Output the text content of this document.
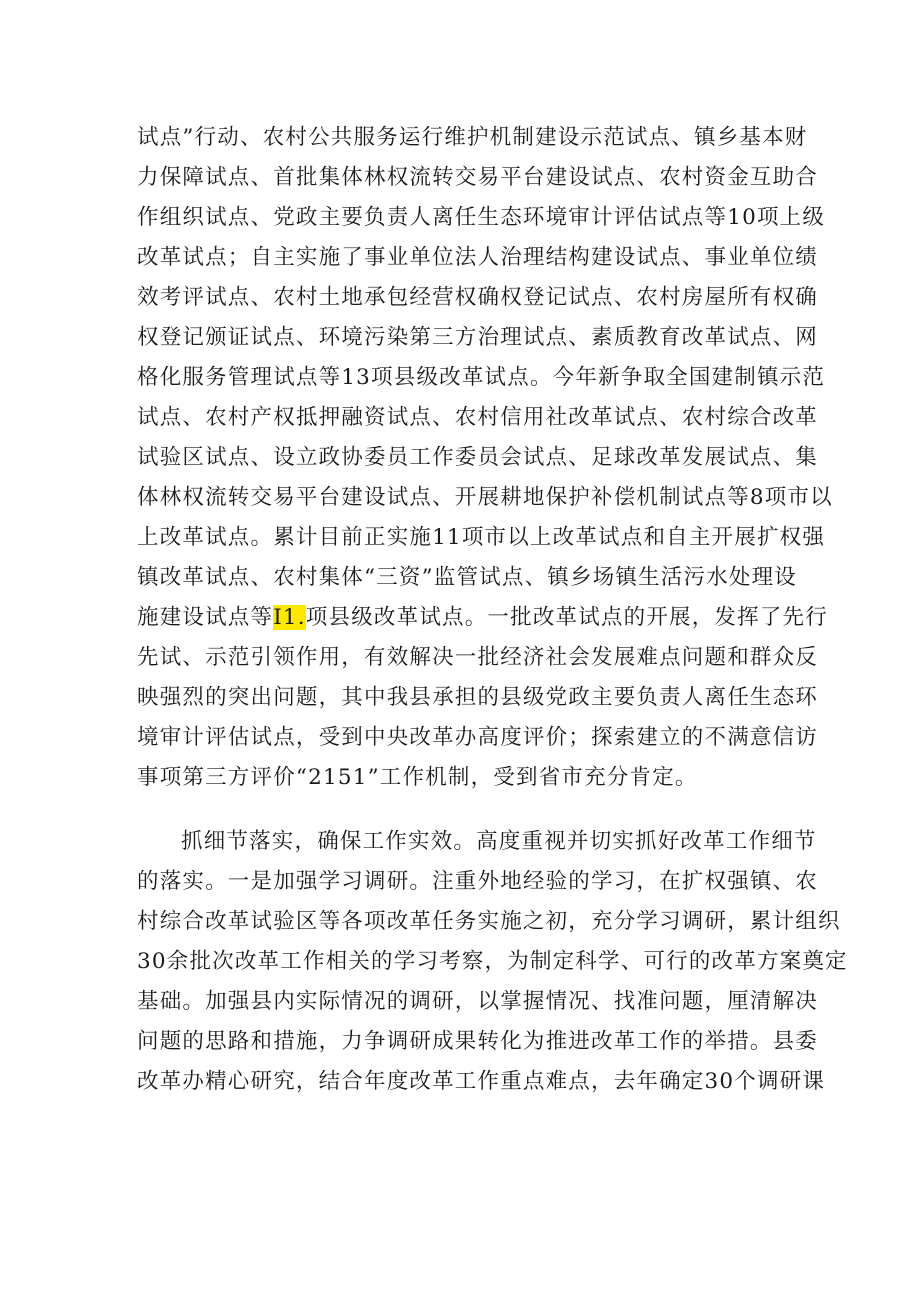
试点”行动、农村公共服务运行维护机制建设示范试点、镇乡基本财
力保障试点、首批集体林权流转交易平台建设试点、农村资金互助合
作组织试点、党政主要负责人离任生态环境审计评估试点等10项上级
改革试点；自主实施了事业单位法人治理结构建设试点、事业单位绩
效考评试点、农村土地承包经营权确权登记试点、农村房屋所有权确
权登记颁证试点、环境污染第三方治理试点、素质教育改革试点、网
格化服务管理试点等13项县级改革试点。今年新争取全国建制镇示范
试点、农村产权抵押融资试点、农村信用社改革试点、农村综合改革
试验区试点、设立政协委员工作委员会试点、足球改革发展试点、集
体林权流转交易平台建设试点、开展耕地保护补偿机制试点等8项市以
上改革试点。累计目前正实施11项市以上改革试点和自主开展扩权强
镇改革试点、农村集体“三资”监管试点、镇乡场镇生活污水处理设
施建设试点等I1.项县级改革试点。一批改革试点的开展，发挥了先行
先试、示范引领作用，有效解决一批经济社会发展难点问题和群众反
映强烈的突出问题，其中我县承担的县级党政主要负责人离任生态环
境审计评估试点，受到中央改革办高度评价；探索建立的不满意信访
事项第三方评价“2151”工作机制，受到省市充分肯定。
抓细节落实，确保工作实效。高度重视并切实抓好改革工作细节
的落实。一是加强学习调研。注重外地经验的学习，在扩权强镇、农
村综合改革试验区等各项改革任务实施之初，充分学习调研，累计组织
30余批次改革工作相关的学习考察，为制定科学、可行的改革方案奠定
基础。加强县内实际情况的调研，以掌握情况、找准问题，厘清解决
问题的思路和措施，力争调研成果转化为推进改革工作的举措。县委
改革办精心研究，结合年度改革工作重点难点，去年确定30个调研课
